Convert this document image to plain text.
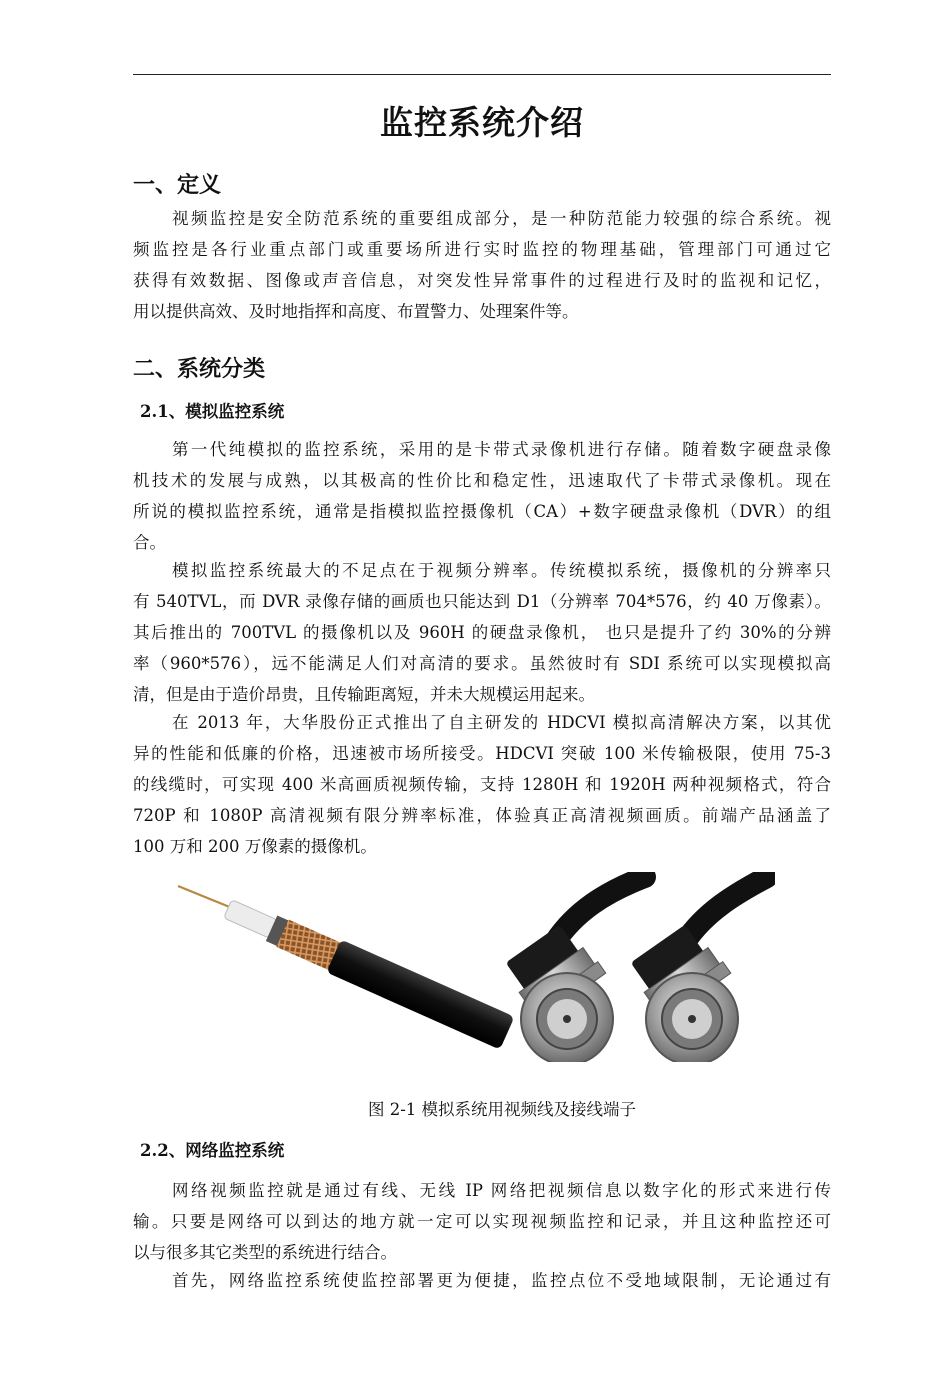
监控系统介绍
一、定义
视频监控是安全防范系统的重要组成部分，是一种防范能力较强的综合系统。视
频监控是各行业重点部门或重要场所进行实时监控的物理基础，管理部门可通过它
获得有效数据、图像或声音信息，对突发性异常事件的过程进行及时的监视和记忆，
用以提供高效、及时地指挥和高度、布置警力、处理案件等。
二、系统分类
2.1、模拟监控系统
第一代纯模拟的监控系统，采用的是卡带式录像机进行存储。随着数字硬盘录像
机技术的发展与成熟，以其极高的性价比和稳定性，迅速取代了卡带式录像机。现在
所说的模拟监控系统，通常是指模拟监控摄像机（CA）+数字硬盘录像机（DVR）的组
合。
模拟监控系统最大的不足点在于视频分辨率。传统模拟系统，摄像机的分辨率只
有 540TVL，而 DVR 录像存储的画质也只能达到 D1（分辨率 704*576，约 40 万像素）。
其后推出的 700TVL 的摄像机以及 960H 的硬盘录像机， 也只是提升了约 30%的分辨
率（960*576），远不能满足人们对高清的要求。虽然彼时有 SDI 系统可以实现模拟高
清，但是由于造价昂贵，且传输距离短，并未大规模运用起来。
在 2013 年，大华股份正式推出了自主研发的 HDCVI 模拟高清解决方案，以其优
异的性能和低廉的价格，迅速被市场所接受。HDCVI 突破 100 米传输极限，使用 75-3
的线缆时，可实现 400 米高画质视频传输，支持 1280H 和 1920H 两种视频格式，符合
720P 和 1080P 高清视频有限分辨率标准，体验真正高清视频画质。前端产品涵盖了
100 万和 200 万像素的摄像机。
图 2-1 模拟系统用视频线及接线端子
2.2、网络监控系统
网络视频监控就是通过有线、无线 IP 网络把视频信息以数字化的形式来进行传
输。只要是网络可以到达的地方就一定可以实现视频监控和记录，并且这种监控还可
以与很多其它类型的系统进行结合。
首先，网络监控系统使监控部署更为便捷，监控点位不受地域限制，无论通过有
